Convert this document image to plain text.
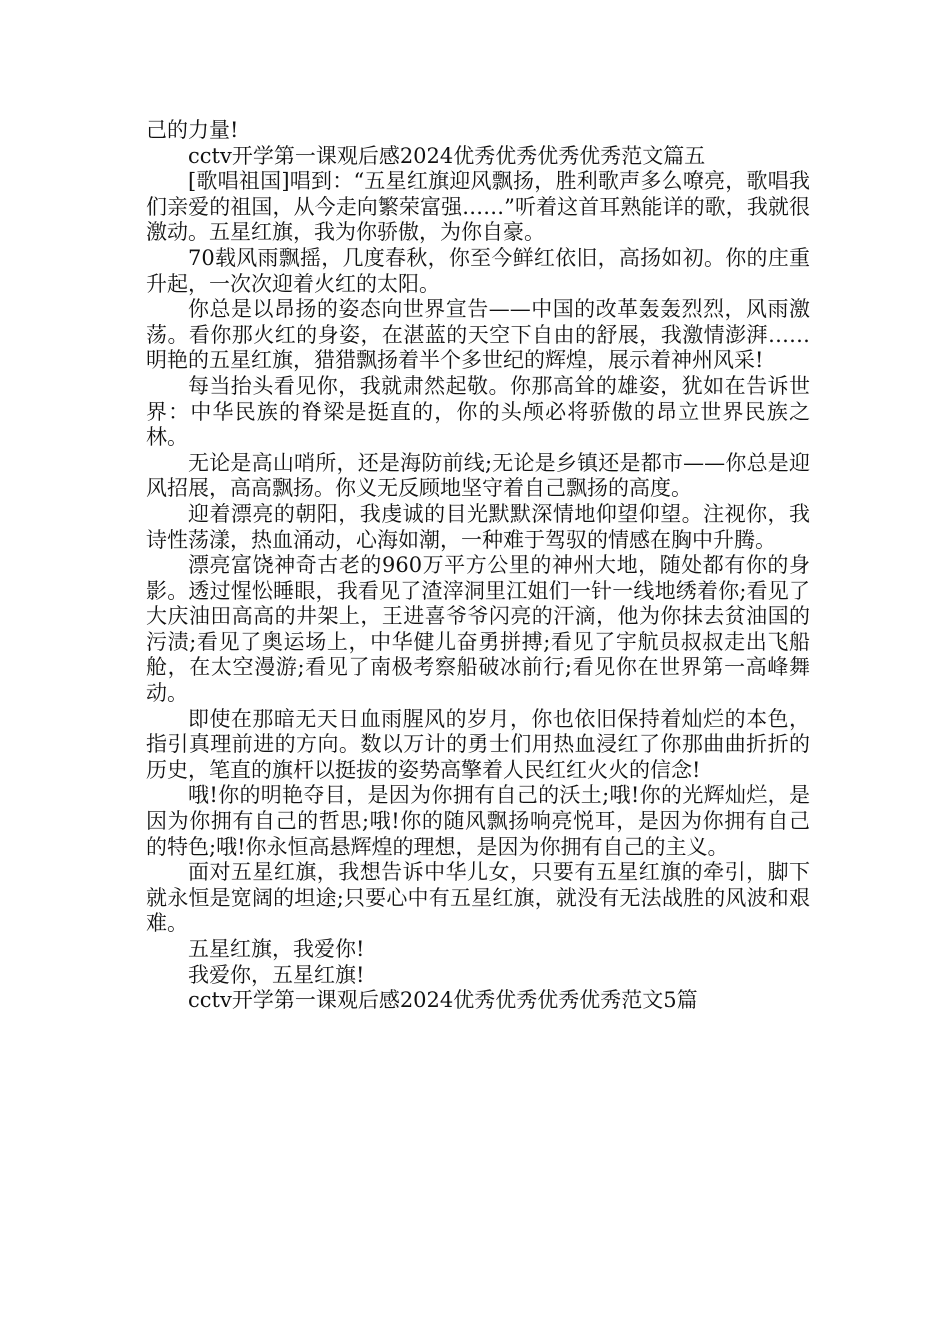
己的力量!

cctv开学第一课观后感2024优秀优秀优秀优秀范文篇五

[歌唱祖国]唱到：“五星红旗迎风飘扬，胜利歌声多么嘹亮，歌唱我们亲爱的祖国，从今走向繁荣富强……”听着这首耳熟能详的歌，我就很激动。五星红旗，我为你骄傲，为你自豪。

70载风雨飘摇，几度春秋，你至今鲜红依旧，高扬如初。你的庄重升起，一次次迎着火红的太阳。

你总是以昂扬的姿态向世界宣告——中国的改革轰轰烈烈，风雨激荡。看你那火红的身姿，在湛蓝的天空下自由的舒展，我激情澎湃……明艳的五星红旗，猎猎飘扬着半个多世纪的辉煌，展示着神州风采!

每当抬头看见你，我就肃然起敬。你那高耸的雄姿，犹如在告诉世界：中华民族的脊梁是挺直的，你的头颅必将骄傲的昂立世界民族之林。

无论是高山哨所，还是海防前线;无论是乡镇还是都市——你总是迎风招展，高高飘扬。你义无反顾地坚守着自己飘扬的高度。

迎着漂亮的朝阳，我虔诚的目光默默深情地仰望仰望。注视你，我诗性荡漾，热血涌动，心海如潮，一种难于驾驭的情感在胸中升腾。

漂亮富饶神奇古老的960万平方公里的神州大地，随处都有你的身影。透过惺忪睡眼，我看见了渣滓洞里江姐们一针一线地绣着你;看见了大庆油田高高的井架上，王进喜爷爷闪亮的汗滴，他为你抹去贫油国的污渍;看见了奥运场上，中华健儿奋勇拼搏;看见了宇航员叔叔走出飞船舱，在太空漫游;看见了南极考察船破冰前行;看见你在世界第一高峰舞动。

即使在那暗无天日血雨腥风的岁月，你也依旧保持着灿烂的本色，指引真理前进的方向。数以万计的勇士们用热血浸红了你那曲曲折折的历史，笔直的旗杆以挺拔的姿势高擎着人民红红火火的信念!

哦!你的明艳夺目，是因为你拥有自己的沃土;哦!你的光辉灿烂，是因为你拥有自己的哲思;哦!你的随风飘扬响亮悦耳，是因为你拥有自己的特色;哦!你永恒高悬辉煌的理想，是因为你拥有自己的主义。

面对五星红旗，我想告诉中华儿女，只要有五星红旗的牵引，脚下就永恒是宽阔的坦途;只要心中有五星红旗，就没有无法战胜的风波和艰难。

五星红旗，我爱你!

我爱你，五星红旗!

cctv开学第一课观后感2024优秀优秀优秀优秀范文5篇
